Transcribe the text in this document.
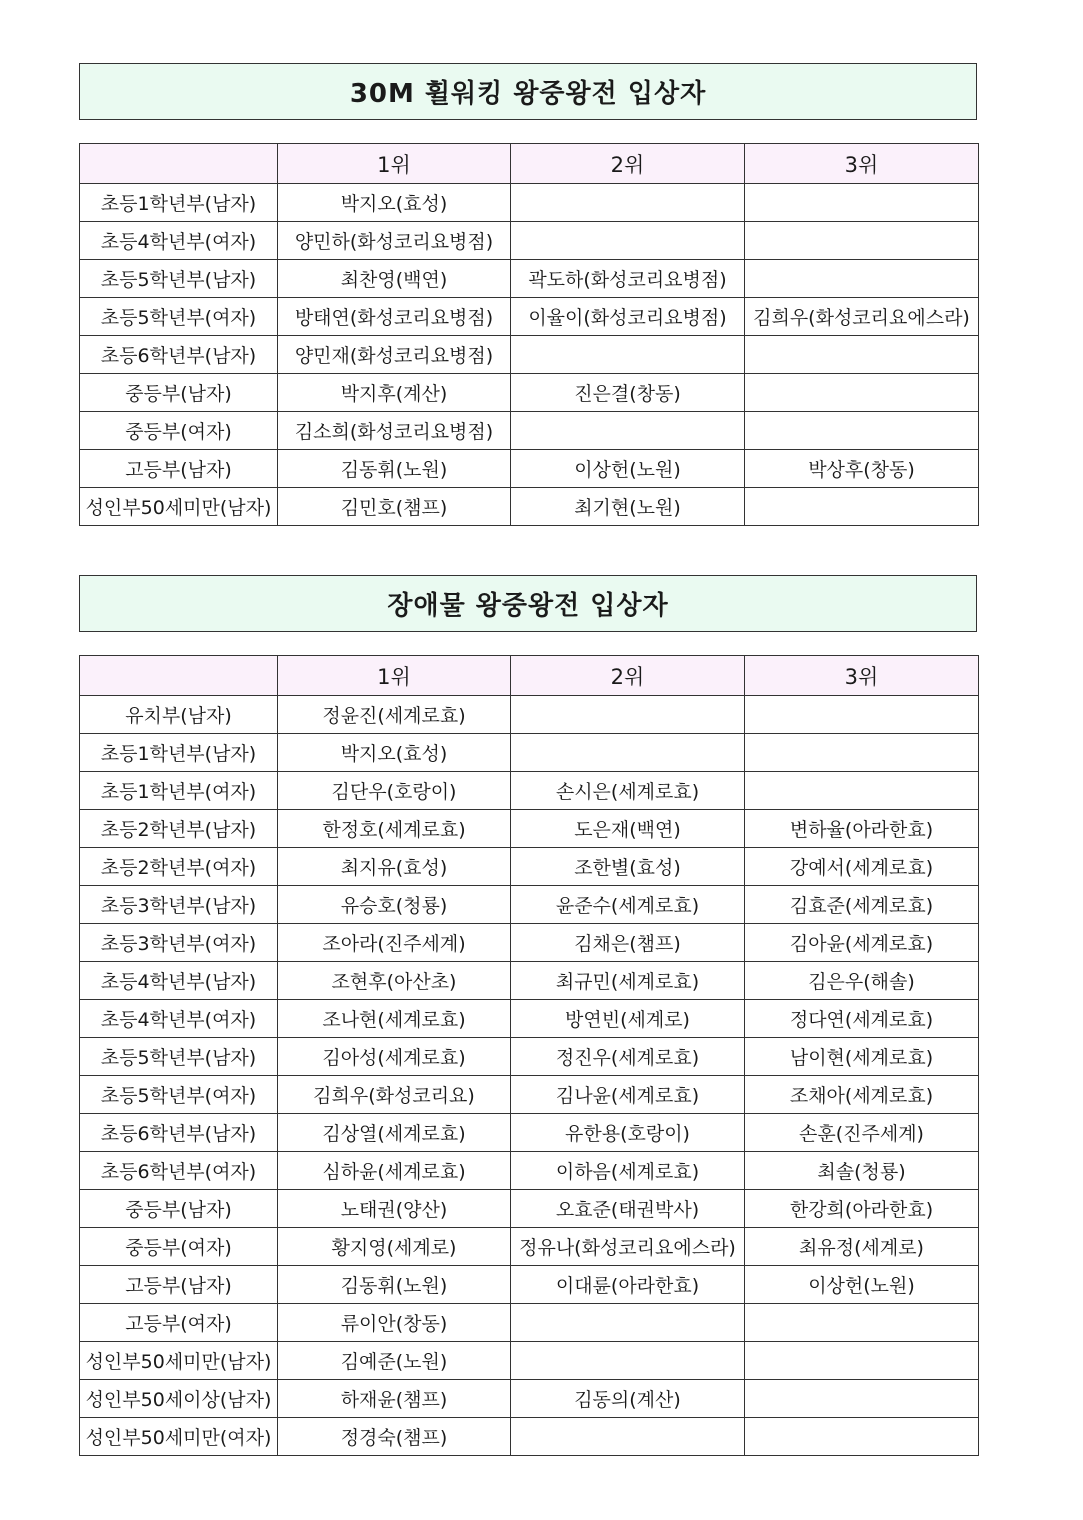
30M 휠워킹 왕중왕전 입상자
	1위	2위	3위
초등1학년부(남자)	박지오(효성)		
초등4학년부(여자)	양민하(화성코리요병점)		
초등5학년부(남자)	최찬영(백연)	곽도하(화성코리요병점)	
초등5학년부(여자)	방태연(화성코리요병점)	이율이(화성코리요병점)	김희우(화성코리요에스라)
초등6학년부(남자)	양민재(화성코리요병점)		
중등부(남자)	박지후(계산)	진은결(창동)	
중등부(여자)	김소희(화성코리요병점)		
고등부(남자)	김동휘(노원)	이상헌(노원)	박상후(창동)
성인부50세미만(남자)	김민호(챔프)	최기현(노원)	
장애물 왕중왕전 입상자
	1위	2위	3위
유치부(남자)	정윤진(세계로효)		
초등1학년부(남자)	박지오(효성)		
초등1학년부(여자)	김단우(호랑이)	손시은(세계로효)	
초등2학년부(남자)	한정호(세계로효)	도은재(백연)	변하율(아라한효)
초등2학년부(여자)	최지유(효성)	조한별(효성)	강예서(세계로효)
초등3학년부(남자)	유승호(청룡)	윤준수(세계로효)	김효준(세계로효)
초등3학년부(여자)	조아라(진주세계)	김채은(챔프)	김아윤(세계로효)
초등4학년부(남자)	조현후(아산초)	최규민(세계로효)	김은우(해솔)
초등4학년부(여자)	조나현(세계로효)	방연빈(세계로)	정다연(세계로효)
초등5학년부(남자)	김아성(세계로효)	정진우(세계로효)	남이현(세계로효)
초등5학년부(여자)	김희우(화성코리요)	김나윤(세계로효)	조채아(세계로효)
초등6학년부(남자)	김상열(세계로효)	유한용(호랑이)	손훈(진주세계)
초등6학년부(여자)	심하윤(세계로효)	이하음(세계로효)	최솔(청룡)
중등부(남자)	노태권(양산)	오효준(태권박사)	한강희(아라한효)
중등부(여자)	황지영(세계로)	정유나(화성코리요에스라)	최유정(세계로)
고등부(남자)	김동휘(노원)	이대륜(아라한효)	이상헌(노원)
고등부(여자)	류이안(창동)		
성인부50세미만(남자)	김예준(노원)		
성인부50세이상(남자)	하재윤(챔프)	김동의(계산)	
성인부50세미만(여자)	정경숙(챔프)		
